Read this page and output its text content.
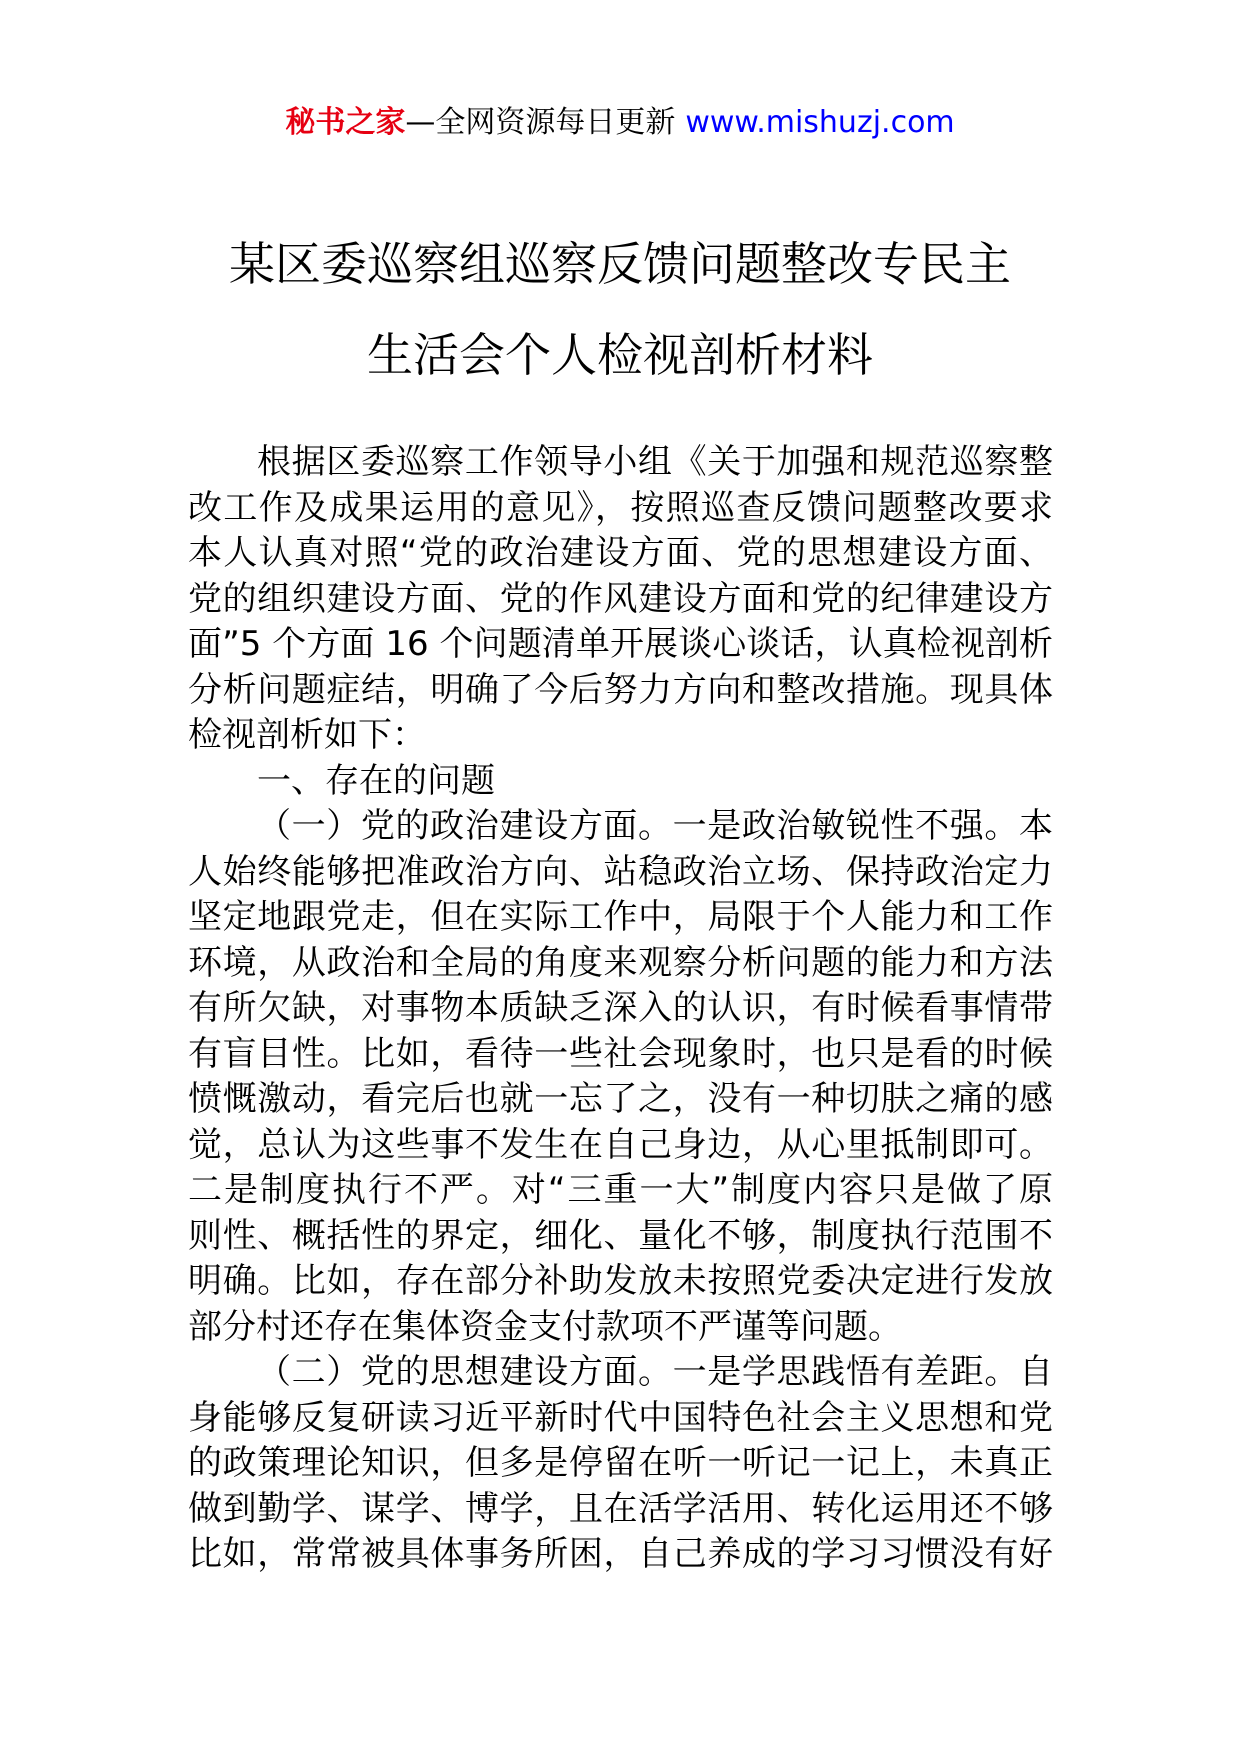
秘书之家—全网资源每日更新 www.mishuzj.com
某区委巡察组巡察反馈问题整改专民主
生活会个人检视剖析材料
根据区委巡察工作领导小组《关于加强和规范巡察整
改工作及成果运用的意见》，按照巡查反馈问题整改要求
本人认真对照“党的政治建设方面、党的思想建设方面、
党的组织建设方面、党的作风建设方面和党的纪律建设方
面”5 个方面 16 个问题清单开展谈心谈话，认真检视剖析
分析问题症结，明确了今后努力方向和整改措施。现具体
检视剖析如下：
一、存在的问题
（一）党的政治建设方面。一是政治敏锐性不强。本
人始终能够把准政治方向、站稳政治立场、保持政治定力
坚定地跟党走，但在实际工作中，局限于个人能力和工作
环境，从政治和全局的角度来观察分析问题的能力和方法
有所欠缺，对事物本质缺乏深入的认识，有时候看事情带
有盲目性。比如，看待一些社会现象时，也只是看的时候
愤慨激动，看完后也就一忘了之，没有一种切肤之痛的感
觉，总认为这些事不发生在自己身边，从心里抵制即可。
二是制度执行不严。对“三重一大”制度内容只是做了原
则性、概括性的界定，细化、量化不够，制度执行范围不
明确。比如，存在部分补助发放未按照党委决定进行发放
部分村还存在集体资金支付款项不严谨等问题。
（二）党的思想建设方面。一是学思践悟有差距。自
身能够反复研读习近平新时代中国特色社会主义思想和党
的政策理论知识，但多是停留在听一听记一记上，未真正
做到勤学、谋学、博学，且在活学活用、转化运用还不够
比如，常常被具体事务所困，自己养成的学习习惯没有好
